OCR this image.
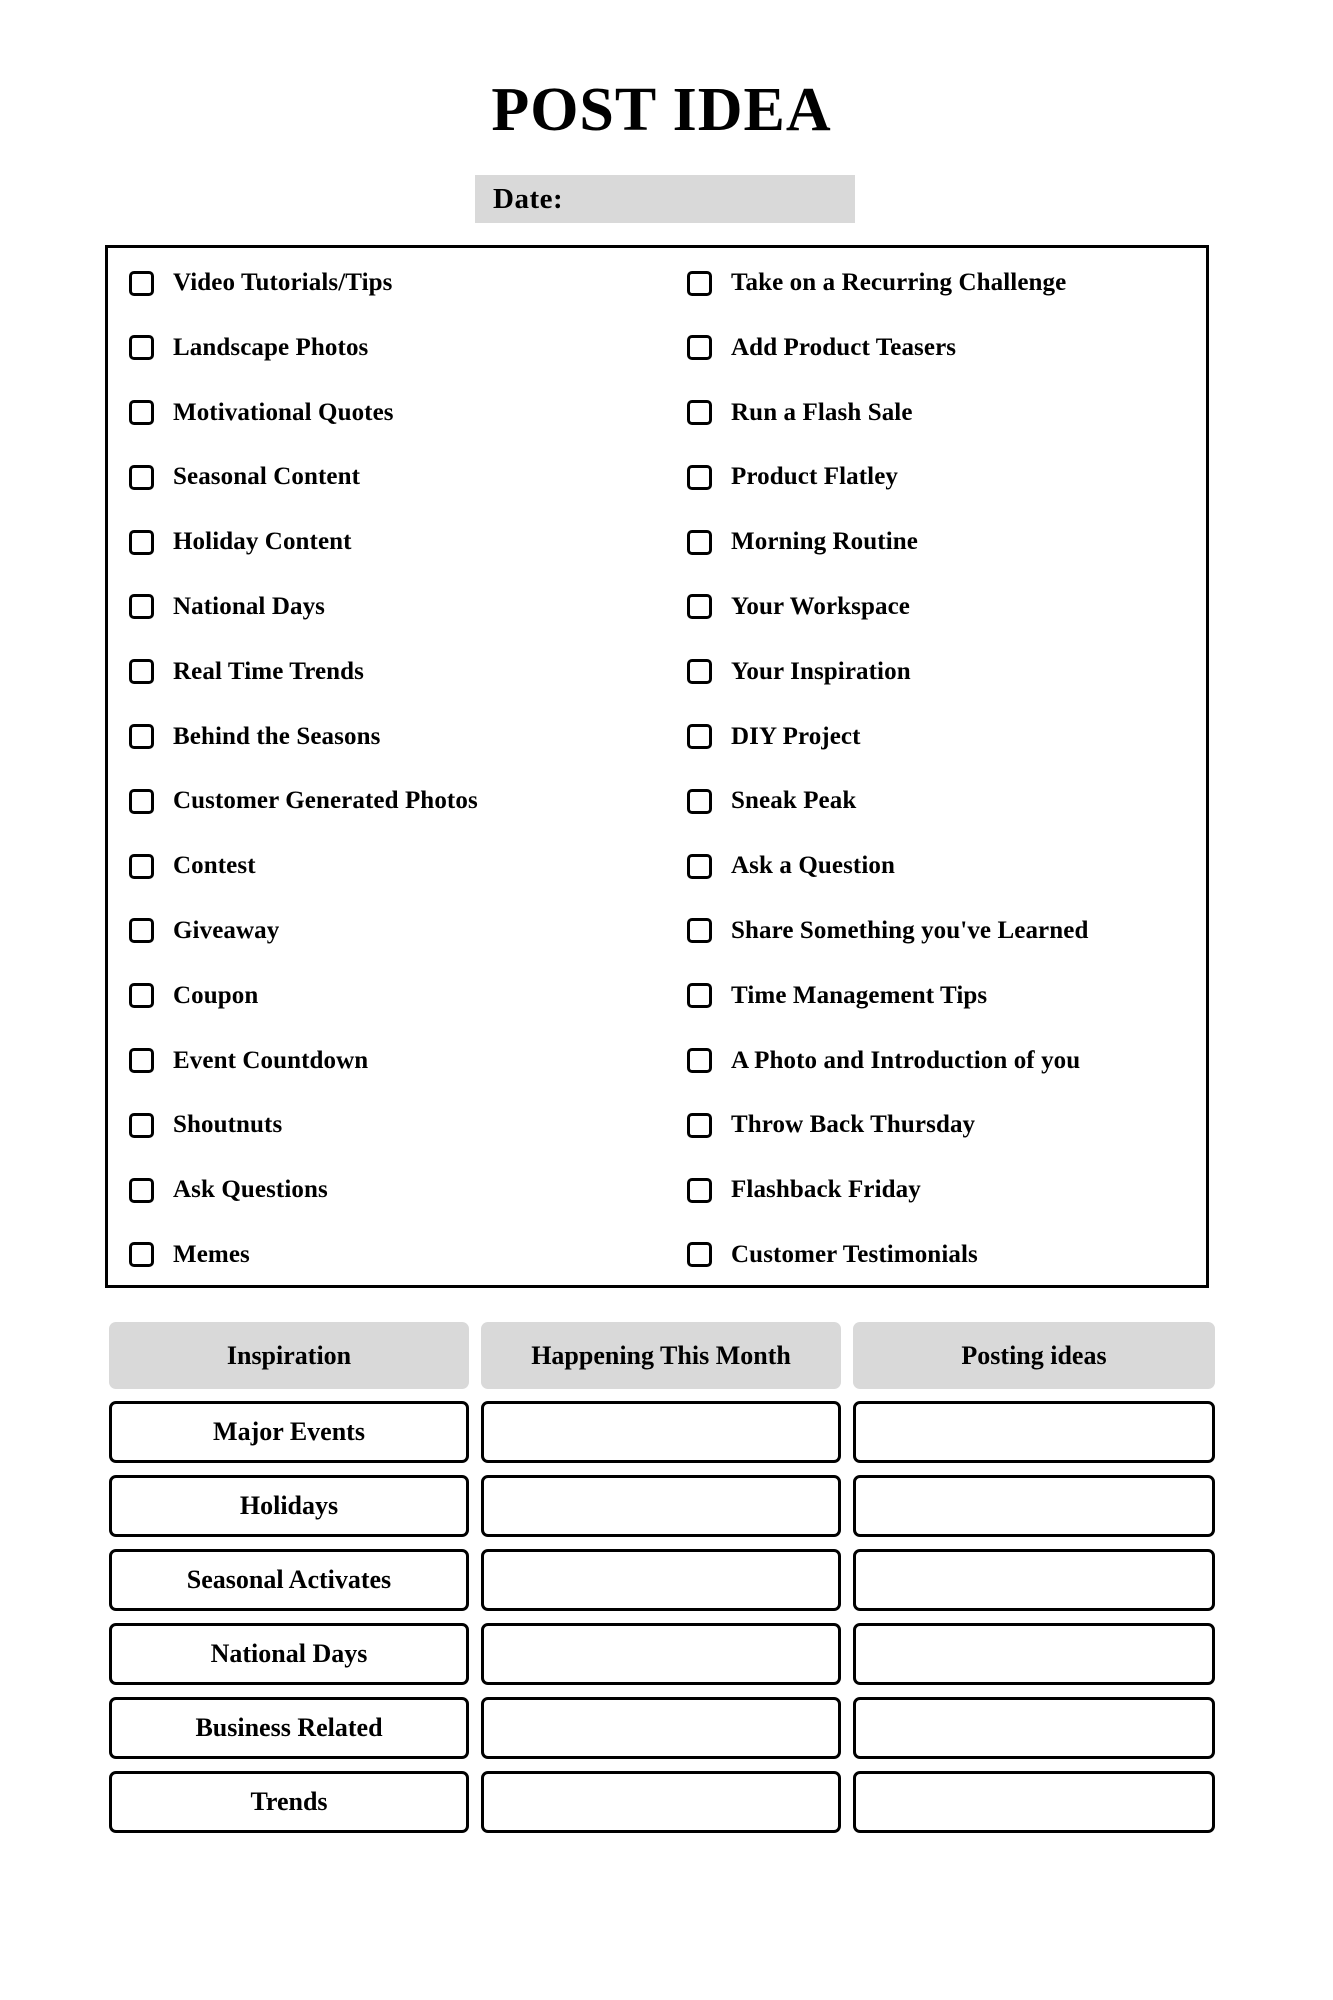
POST IDEA
Date:
Video Tutorials/Tips
Landscape Photos
Motivational Quotes
Seasonal Content
Holiday Content
National Days
Real Time Trends
Behind the Seasons
Customer Generated Photos
Contest
Giveaway
Coupon
Event Countdown
Shoutnuts
Ask Questions
Memes
Take on a Recurring Challenge
Add Product Teasers
Run a Flash Sale
Product Flatley
Morning Routine
Your Workspace
Your Inspiration
DIY Project
Sneak Peak
Ask a Question
Share Something you've Learned
Time Management Tips
A Photo and Introduction of you
Throw Back Thursday
Flashback Friday
Customer Testimonials
Inspiration	Happening This Month	Posting ideas
Major Events
Holidays
Seasonal Activates
National Days
Business Related
Trends
